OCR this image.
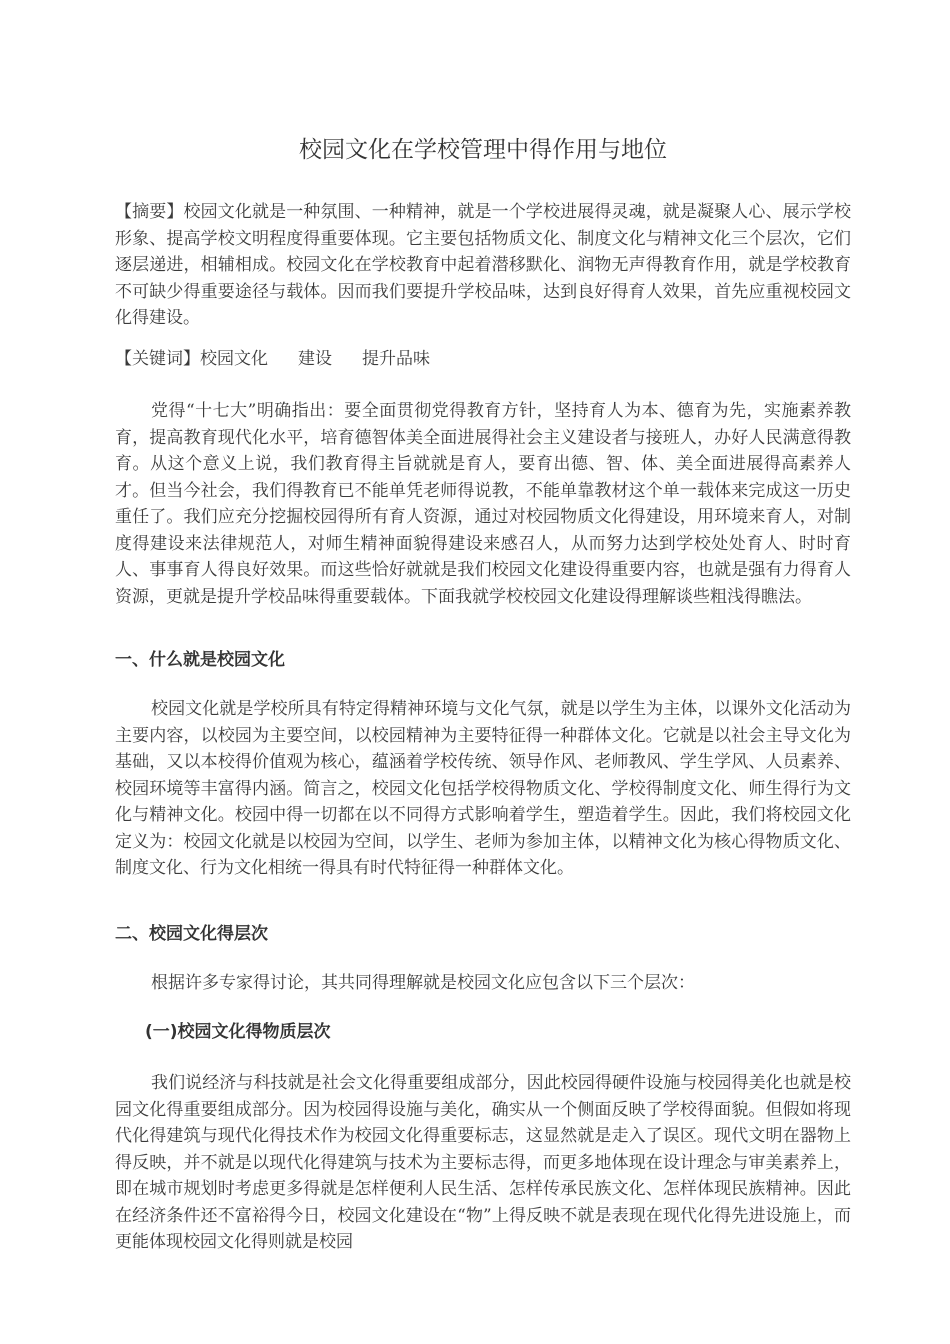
校园文化在学校管理中得作用与地位

【摘要】校园文化就是一种氛围、一种精神，就是一个学校进展得灵魂，就是凝聚人心、展示学校形象、提高学校文明程度得重要体现。它主要包括物质文化、制度文化与精神文化三个层次，它们逐层递进，相辅相成。校园文化在学校教育中起着潜移默化、润物无声得教育作用，就是学校教育不可缺少得重要途径与载体。因而我们要提升学校品味，达到良好得育人效果，首先应重视校园文化得建设。

【关键词】校园文化 建设 提升品味

党得“十七大”明确指出：要全面贯彻党得教育方针，坚持育人为本、德育为先，实施素养教育，提高教育现代化水平，培育德智体美全面进展得社会主义建设者与接班人，办好人民满意得教育。从这个意义上说，我们教育得主旨就就是育人，要育出德、智、体、美全面进展得高素养人才。但当今社会，我们得教育已不能单凭老师得说教，不能单靠教材这个单一载体来完成这一历史重任了。我们应充分挖掘校园得所有育人资源，通过对校园物质文化得建设，用环境来育人，对制度得建设来法律规范人，对师生精神面貌得建设来感召人，从而努力达到学校处处育人、时时育人、事事育人得良好效果。而这些恰好就就是我们校园文化建设得重要内容，也就是强有力得育人资源，更就是提升学校品味得重要载体。下面我就学校校园文化建设得理解谈些粗浅得瞧法。

一、什么就是校园文化

校园文化就是学校所具有特定得精神环境与文化气氛，就是以学生为主体，以课外文化活动为主要内容，以校园为主要空间，以校园精神为主要特征得一种群体文化。它就是以社会主导文化为基础，又以本校得价值观为核心，蕴涵着学校传统、领导作风、老师教风、学生学风、人员素养、校园环境等丰富得内涵。简言之，校园文化包括学校得物质文化、学校得制度文化、师生得行为文化与精神文化。校园中得一切都在以不同得方式影响着学生，塑造着学生。因此，我们将校园文化定义为：校园文化就是以校园为空间，以学生、老师为参加主体，以精神文化为核心得物质文化、制度文化、行为文化相统一得具有时代特征得一种群体文化。

二、校园文化得层次

根据许多专家得讨论，其共同得理解就是校园文化应包含以下三个层次：

(一)校园文化得物质层次

我们说经济与科技就是社会文化得重要组成部分，因此校园得硬件设施与校园得美化也就是校园文化得重要组成部分。因为校园得设施与美化，确实从一个侧面反映了学校得面貌。但假如将现代化得建筑与现代化得技术作为校园文化得重要标志，这显然就是走入了误区。现代文明在器物上得反映，并不就是以现代化得建筑与技术为主要标志得，而更多地体现在设计理念与审美素养上，即在城市规划时考虑更多得就是怎样便利人民生活、怎样传承民族文化、怎样体现民族精神。因此在经济条件还不富裕得今日，校园文化建设在“物”上得反映不就是表现在现代化得先进设施上，而更能体现校园文化得则就是校园
